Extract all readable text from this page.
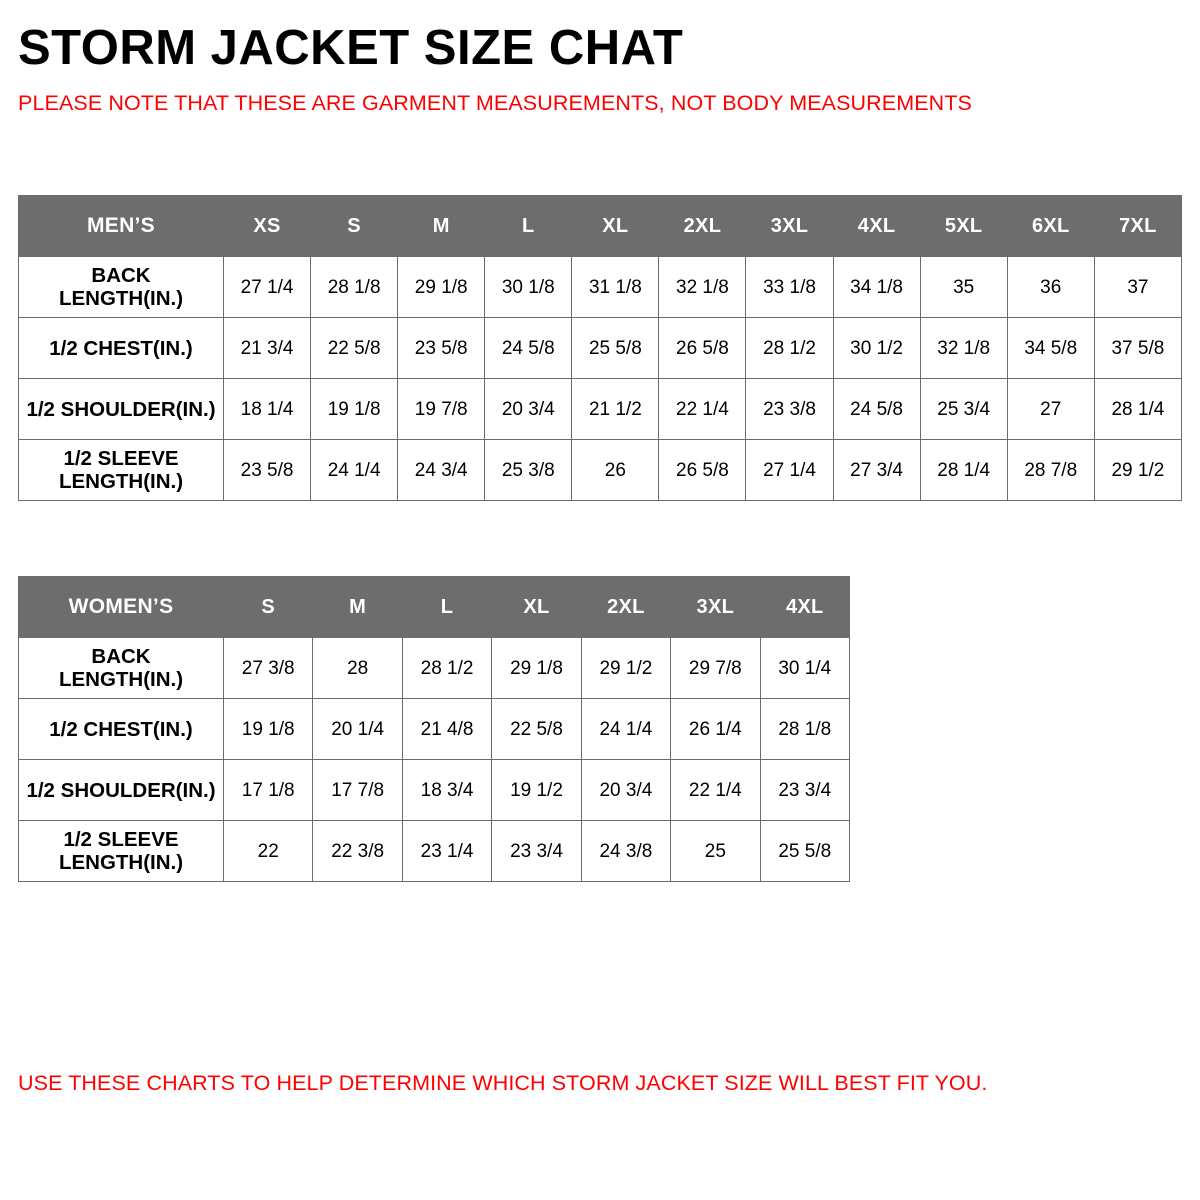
STORM JACKET SIZE CHAT

PLEASE NOTE THAT THESE ARE GARMENT MEASUREMENTS, NOT BODY MEASUREMENTS

MEN’S	XS	S	M	L	XL	2XL	3XL	4XL	5XL	6XL	7XL

BACK
LENGTH(IN.)	27 1/4	28 1/8	29 1/8	30 1/8	31 1/8	32 1/8	33 1/8	34 1/8	35	36	37
1/2 CHEST(IN.)	21 3/4	22 5/8	23 5/8	24 5/8	25 5/8	26 5/8	28 1/2	30 1/2	32 1/8	34 5/8	37 5/8
1/2 SHOULDER(IN.)	18 1/4	19 1/8	19 7/8	20 3/4	21 1/2	22 1/4	23 3/8	24 5/8	25 3/4	27	28 1/4

1/2 SLEEVE
LENGTH(IN.)	23 5/8	24 1/4	24 3/4	25 3/8	26	26 5/8	27 1/4	27 3/4	28 1/4	28 7/8	29 1/2
WOMEN’S	S	M	L	XL	2XL	3XL	4XL

BACK
LENGTH(IN.)	27 3/8	28	28 1/2	29 1/8	29 1/2	29 7/8	30 1/4
1/2 CHEST(IN.)	19 1/8	20 1/4	21 4/8	22 5/8	24 1/4	26 1/4	28 1/8
1/2 SHOULDER(IN.)	17 1/8	17 7/8	18 3/4	19 1/2	20 3/4	22 1/4	23 3/4

1/2 SLEEVE
LENGTH(IN.)	22	22 3/8	23 1/4	23 3/4	24 3/8	25	25 5/8
USE THESE CHARTS TO HELP DETERMINE WHICH STORM JACKET SIZE WILL BEST FIT YOU.
